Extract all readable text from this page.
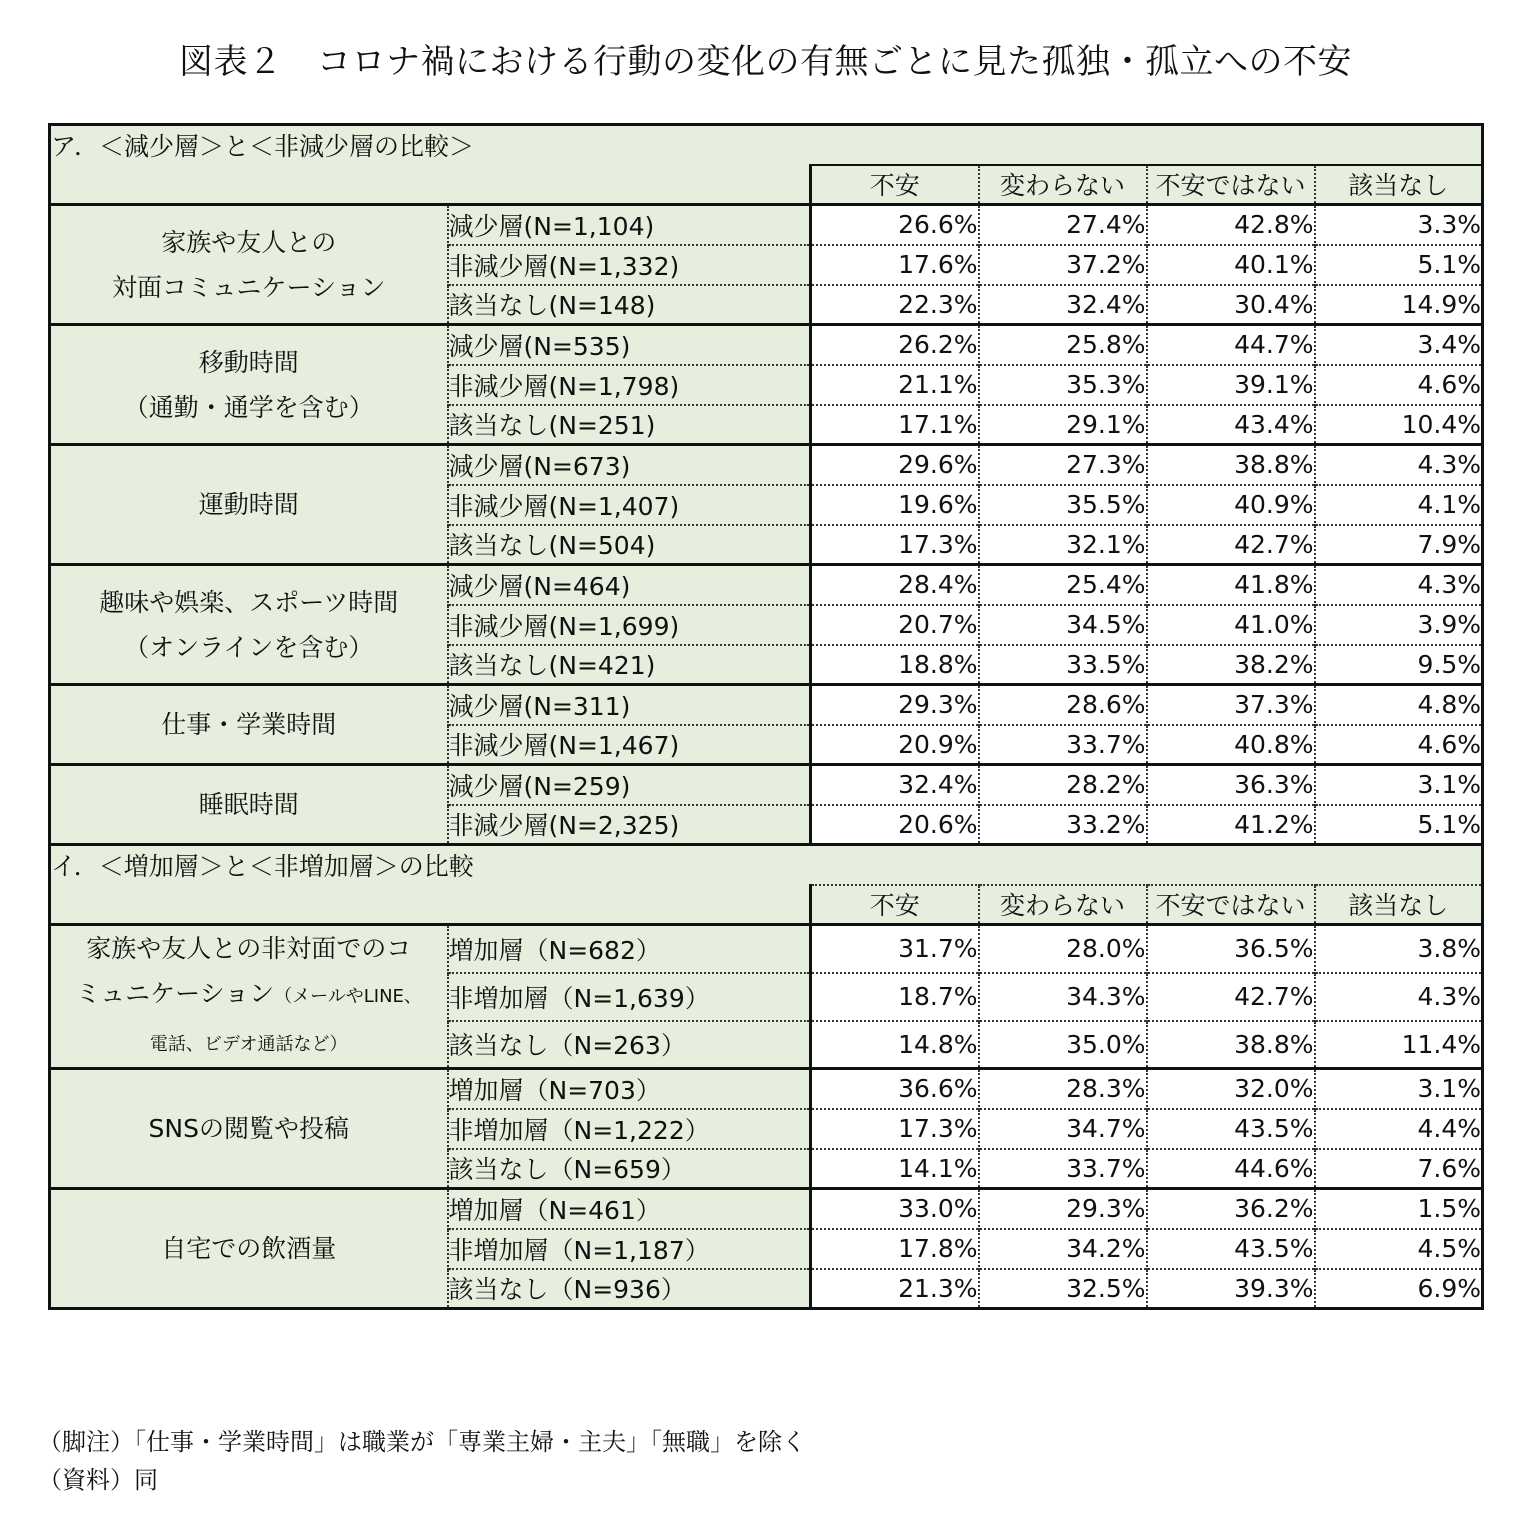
図表２　コロナ禍における行動の変化の有無ごとに見た孤独・孤立への不安
ア．＜減少層＞と＜非減少層の比較＞					
		不安	変わらない	不安ではない	該当なし
家族や友人との
対面コミュニケーション	減少層(N=1,104)	26.6%	27.4%	42.8%	3.3%
	非減少層(N=1,332)	17.6%	37.2%	40.1%	5.1%
	該当なし(N=148)	22.3%	32.4%	30.4%	14.9%
移動時間
（通勤・通学を含む）	減少層(N=535)	26.2%	25.8%	44.7%	3.4%
	非減少層(N=1,798)	21.1%	35.3%	39.1%	4.6%
	該当なし(N=251)	17.1%	29.1%	43.4%	10.4%
運動時間	減少層(N=673)	29.6%	27.3%	38.8%	4.3%
	非減少層(N=1,407)	19.6%	35.5%	40.9%	4.1%
	該当なし(N=504)	17.3%	32.1%	42.7%	7.9%
趣味や娯楽、スポーツ時間
（オンラインを含む）	減少層(N=464)	28.4%	25.4%	41.8%	4.3%
	非減少層(N=1,699)	20.7%	34.5%	41.0%	3.9%
	該当なし(N=421)	18.8%	33.5%	38.2%	9.5%
仕事・学業時間	減少層(N=311)	29.3%	28.6%	37.3%	4.8%
	非減少層(N=1,467)	20.9%	33.7%	40.8%	4.6%
睡眠時間	減少層(N=259)	32.4%	28.2%	36.3%	3.1%
	非減少層(N=2,325)	20.6%	33.2%	41.2%	5.1%
イ．＜増加層＞と＜非増加層＞の比較					
		不安	変わらない	不安ではない	該当なし
家族や友人との非対面でのコ
ミュニケーション（メールやLINE、
電話、ビデオ通話など）	増加層（N=682）	31.7%	28.0%	36.5%	3.8%
	非増加層（N=1,639）	18.7%	34.3%	42.7%	4.3%
	該当なし（N=263）	14.8%	35.0%	38.8%	11.4%
SNSの閲覧や投稿	増加層（N=703）	36.6%	28.3%	32.0%	3.1%
	非増加層（N=1,222）	17.3%	34.7%	43.5%	4.4%
	該当なし（N=659）	14.1%	33.7%	44.6%	7.6%
自宅での飲酒量	増加層（N=461）	33.0%	29.3%	36.2%	1.5%
	非増加層（N=1,187）	17.8%	34.2%	43.5%	4.5%
	該当なし（N=936）	21.3%	32.5%	39.3%	6.9%
（脚注）「仕事・学業時間」は職業が「専業主婦・主夫」「無職」を除く
（資料）同
